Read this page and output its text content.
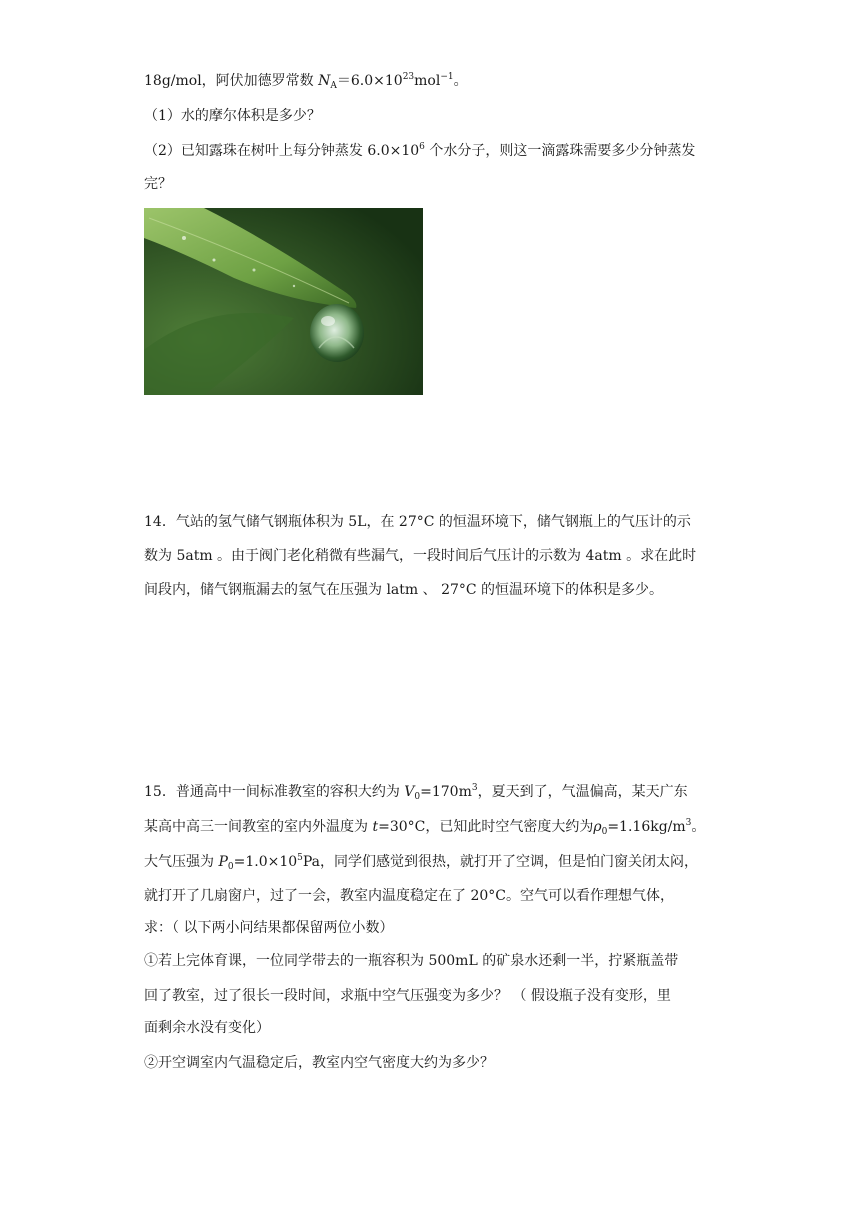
18g/mol，阿伏加德罗常数 $N_A=6.0\times 10^{23}mol^{-1}$。
（1）水的摩尔体积是多少？
（2）已知露珠在树叶上每分钟蒸发 $6.0\times 10^6$ 个水分子，则这一滴露珠需要多少分钟蒸发
完？
14．气站的氢气储气钢瓶体积为 5L，在 27°C 的恒温环境下，储气钢瓶上的气压计的示
数为 5atm 。由于阀门老化稍微有些漏气，一段时间后气压计的示数为 4atm 。求在此时
间段内，储气钢瓶漏去的氢气在压强为 latm 、 27°C 的恒温环境下的体积是多少。
15．普通高中一间标准教室的容积大约为 $V_0=170m^3$，夏天到了，气温偏高，某天广东
某高中高三一间教室的室内外温度为 t=30°C，已知此时空气密度大约为$\rho_0=1.16kg/m^3$。
大气压强为 $P_0=1.0\times 10^5Pa$，同学们感觉到很热，就打开了空调，但是怕门窗关闭太闷，
就打开了几扇窗户，过了一会，教室内温度稳定在了 20°C。空气可以看作理想气体，
求：（ 以下两小问结果都保留两位小数）
①若上完体育课，一位同学带去的一瓶容积为 500mL 的矿泉水还剩一半，拧紧瓶盖带
回了教室，过了很长一段时间，求瓶中空气压强变为多少？ （ 假设瓶子没有变形，里
面剩余水没有变化）
②开空调室内气温稳定后，教室内空气密度大约为多少？
